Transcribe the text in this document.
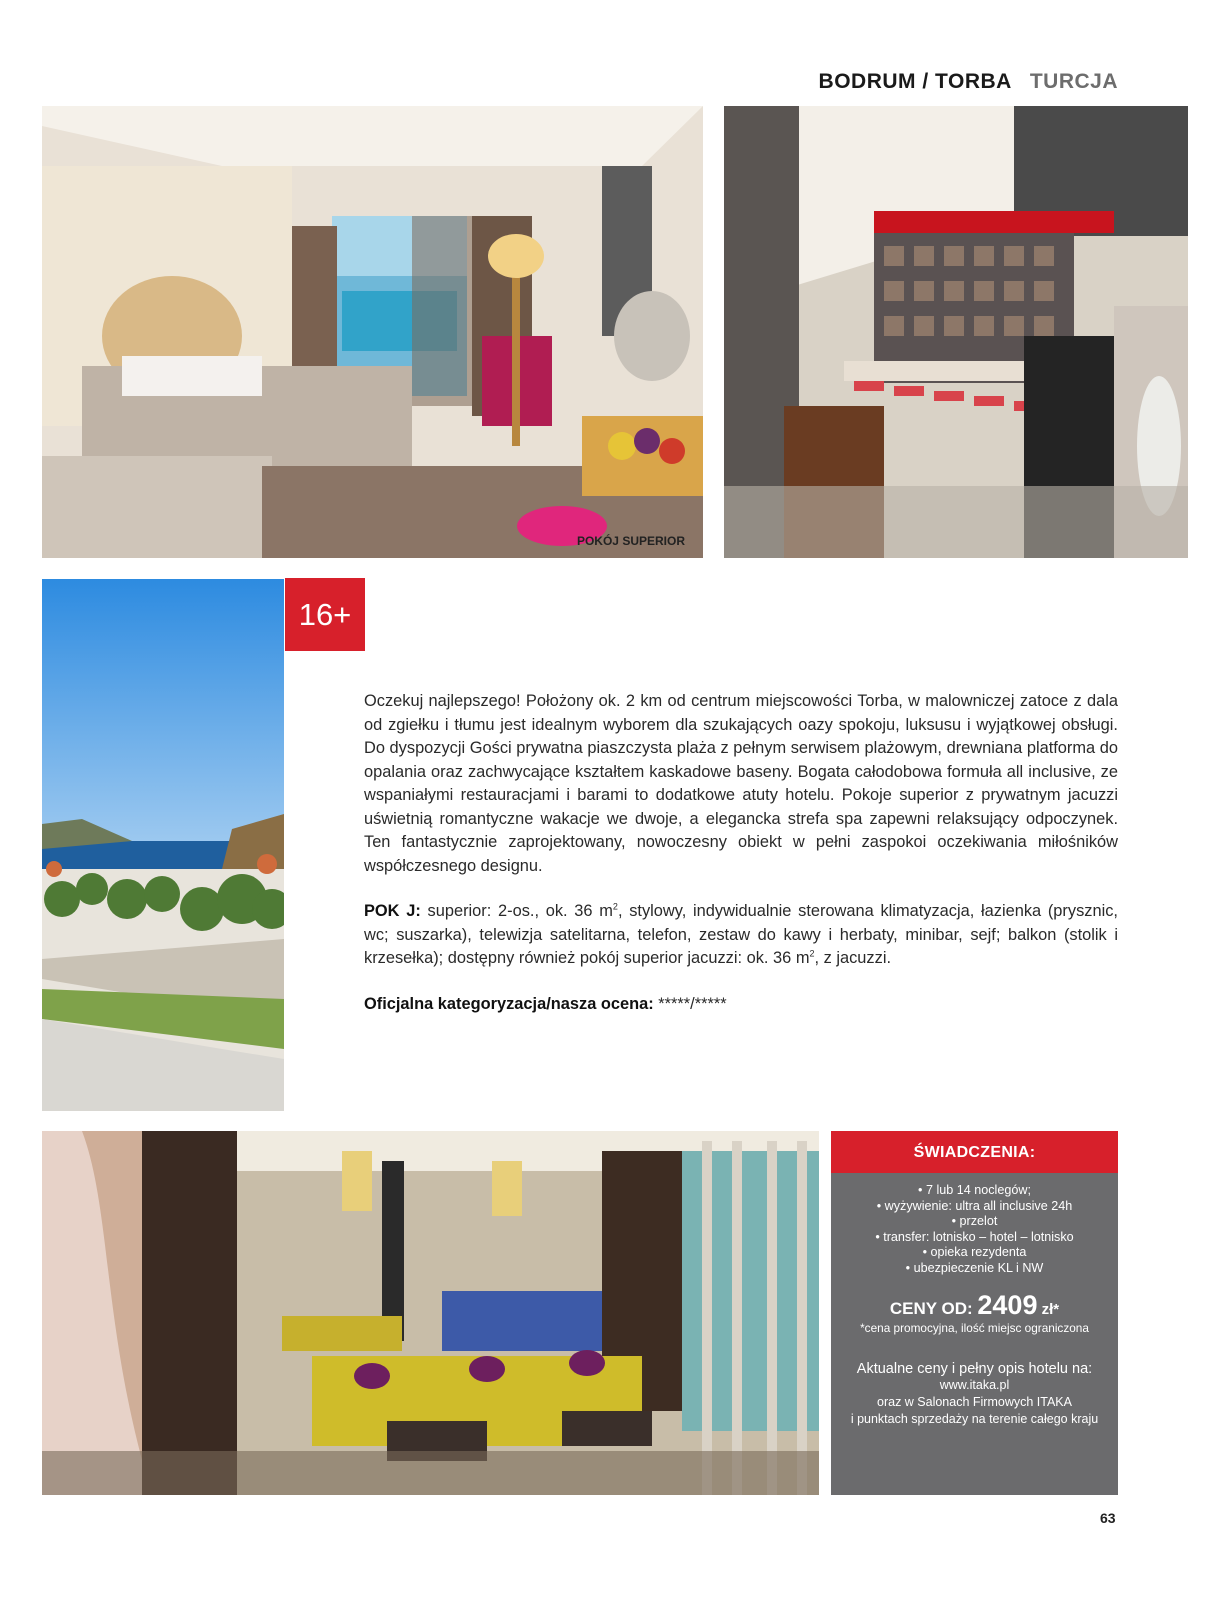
BODRUM / TORBA TURCJA
POKÓJ SUPERIOR
16+

Oczekuj najlepszego! Położony ok. 2 km od centrum miejscowości Torba, w malowniczej zatoce z dala od zgiełku i tłumu jest idealnym wyborem dla szukających oazy spokoju, luksusu i wyjątkowej obsługi. Do dyspozycji Gości prywatna piaszczysta plaża z pełnym serwisem plażowym, drewniana platforma do opalania oraz zachwycające kształtem kaskadowe baseny. Bogata całodobowa formuła all inclusive, ze wspaniałymi restauracjami i barami to dodatkowe atuty hotelu. Pokoje superior z prywatnym jacuzzi uświetnią romantyczne wakacje we dwoje, a elegancka strefa spa zapewni relaksujący odpoczynek. Ten fantastycznie zaprojektowany, nowoczesny obiekt w pełni zaspokoi oczekiwania miłośników współczesnego designu.

POK J: superior: 2-os., ok. 36 $m^2$, stylowy, indywidualnie sterowana klimatyzacja, łazienka (prysznic, wc; suszarka), telewizja satelitarna, telefon, zestaw do kawy i herbaty, minibar, sejf; balkon (stolik i krzesełka); dostępny również pokój superior jacuzzi: ok. 36 $m^2$, z jacuzzi.

Oficjalna kategoryzacja/nasza ocena: *****/*****

ŚWIADCZENIA:
• 7 lub 14 noclegów;
• wyżywienie: ultra all inclusive 24h
• przelot
• transfer: lotnisko – hotel – lotnisko
• opieka rezydenta
• ubezpieczenie KL i NW
CENY OD: 2409 zł*
*cena promocyjna, ilość miejsc ograniczona
Aktualne ceny i pełny opis hotelu na:
www.itaka.pl
oraz w Salonach Firmowych ITAKA
i punktach sprzedaży na terenie całego kraju
63
